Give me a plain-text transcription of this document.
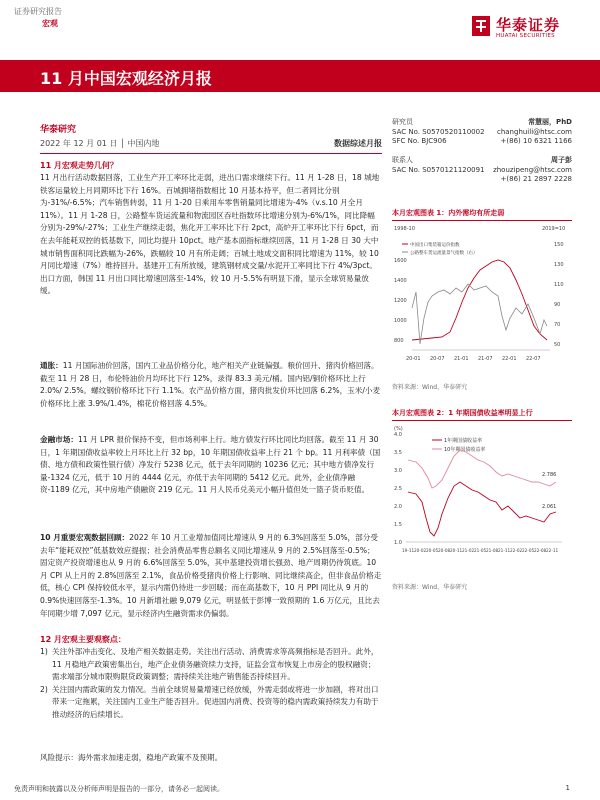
证券研究报告
宏观	华泰证券
HUATAI SECURITIES
11 月中国宏观经济月报
华泰研究
2022 年 12 月 01 日 │ 中国内地	数据综述月报
11 月宏观走势几何？
11 月出行活动数据回落，工业生产开工率环比走弱，进出口需求继续下行。11 月 1-28 日，18 城地铁客运量较上月同期环比下行 16%。百城拥堵指数相比 10 月基本持平，但二者同比分别为-31%/-6.5%；汽车销售转弱，11 月 1-20 日乘用车零售销量同比增速为-4%（v.s.10 月全月 11%）。11 月 1-28 日，公路整车货运流量和物流园区吞吐指数环比增速分别为-6%/1%，同比降幅分别为-29%/-27%；工业生产继续走弱，焦化开工率环比下行 2pct，高炉开工率环比下行 6pct，而在去年能耗双控的低基数下，同比均提升 10pct。地产基本面指标继续回落，11 月 1-28 日 30 大中城市销售面积同比跌幅为-26%，跌幅较 10 月有所走阔；百城土地成交面积同比增速为 11%，较 10 月同比增速（7%）维持回升。基建开工有所放缓，建筑钢材成交量/水泥开工率同比下行 4%/3pct。出口方面，韩国 11 月出口同比增速回落至-14%，较 10 月-5.5%有明显下滑，显示全球贸易量放缓。
通胀：11 月国际油价回落，国内工业品价格分化，地产相关产业链偏强。粮价回升、猪肉价格回落。截至 11 月 28 日，布伦特油价月均环比下行 12%，录得 83.3 美元/桶。国内铝/铜价格环比上行 2.0%/ 2.5%。螺纹钢价格环比下行 1.1%。农产品价格方面，猪肉批发价环比回落 6.2%，玉米/小麦价格环比上涨 3.9%/1.4%，棉花价格回落 4.5%。
金融市场：11 月 LPR 报价保持不变，但市场利率上行。地方债发行环比同比均回落。截至 11 月 30 日，1 年期国债收益率较上月环比上行 32 bp，10 年期国债收益率上行 21 个 bp。11 月利率债（国债、地方债和政策性银行债）净发行 5238 亿元，低于去年同期的 10236 亿元；其中地方债净发行量-1324 亿元，低于 10 月的 4444 亿元，亦低于去年同期的 5412 亿元。此外，企业债净融资-1189 亿元，其中房地产债融资 219 亿元。11 月人民币兑美元小幅升值但处一篮子货币贬值。
10 月重要宏观数据回顾：2022 年 10 月工业增加值同比增速从 9 月的 6.3%回落至 5.0%，部分受去年“能耗双控”低基数效应提振；社会消费品零售总额名义同比增速从 9 月的 2.5%回落至-0.5%；固定资产投资增速也从 9 月的 6.6%回落至 5.0%，其中基建投资增长强劲、地产周期仍待筑底。10 月 CPI 从上月的 2.8%回落至 2.1%，食品价格受猪肉价格上行影响、同比继续高企，但非食品价格走低，核心 CPI 保持较低水平，显示内需仍待进一步回暖；而在高基数下，10 月 PPI 同比从 9 月的 0.9%快速回落至-1.3%。10 月新增社融 9,079 亿元，明显低于彭博一致预期的 1.6 万亿元，且比去年同期少增 7,097 亿元，显示经济内生融资需求仍偏弱。
12 月宏观主要观察点：
1) 关注外部冲击变化、及地产相关数据走势。关注出行活动、消费需求等高频指标是否回升。此外，11 月稳地产政策密集出台，地产企业债务融资续力支持，证监会宣布恢复上市房企的股权融资；需求端部分城市限购限贷政策调整；需持续关注地产销售能否持续回升。
2) 关注国内需政策的发力情况。当前全球贸易量增速已经放缓，外需走弱或将进一步加剧，将对出口带来一定拖累，关注国内工业生产能否回升。促进国内消费、投资等的稳内需政策持续发力有助于推动经济的后续增长。
风险提示：海外需求加速走弱，稳地产政策不及预期。
研究员	常慧丽，PhD
SAC No. S0570520110002 changhuili@htsc.com
SFC No. BJC906	+(86) 10 6321 1166
联系人	周子彭
SAC No. S0570121120091 zhouzipeng@htsc.com
+(86) 21 2897 2228
本月宏观图表 1：内外需均有所走弱
1998-10	2019=10
中国出口集装箱运价指数
公路整车货运流量景气指数（右）
1600
1400
1200
1000
800
150
130
110
90
70
50
20-01 20-07 21-01 21-07 22-01 22-07
资料来源：Wind，华泰研究
本月宏观图表 2：1 年期国债收益率明显上行
(%)
1年期国债收益率
10年期国债收益率
4.0
3.5
3.0
2.5
2.0
1.5
1.0
2.786
2.061
19-11 20-02 20-05 20-08 20-11 21-02 21-05 21-08 21-11 22-02 22-05 22-08 22-11
资料来源：Wind，华泰研究
免责声明和披露以及分析师声明是报告的一部分，请务必一起阅读。	1
